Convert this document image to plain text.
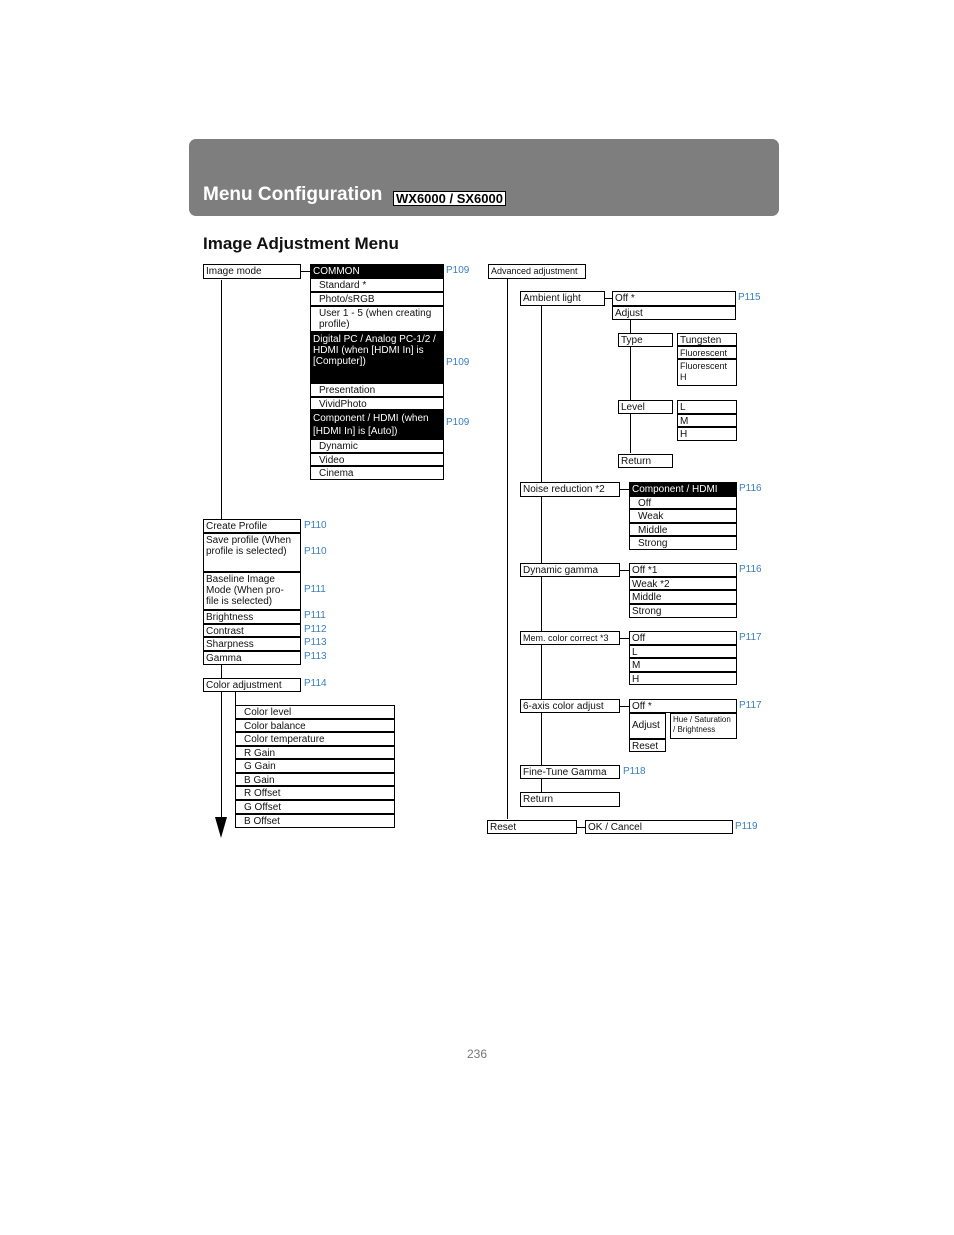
Menu Configuration WX6000 / SX6000
Image Adjustment Menu
Image mode	COMMON
Standard *
Photo/sRGB
User 1 - 5 (when creating profile)
Digital PC / Analog PC-1/2 / HDMI (when [HDMI In] is [Computer])
Presentation
VividPhoto
Component / HDMI (when [HDMI In] is [Auto])
Dynamic
Video
Cinema
P109
P109
P109
Create Profile
Save profile (When profile is selected)
Baseline Image Mode (When pro- file is selected)
Brightness
Contrast
Sharpness
Gamma
P110
P110
P111
P111
P112
P113
P113
Color adjustment	P114
Color level
Color balance
Color temperature
R Gain
G Gain
B Gain
R Offset
G Offset
B Offset
Advanced adjustment
Ambient light	Off *
Adjust
P115
Type	Tungsten
Fluorescent
Fluorescent H
Level	L
M
H
Return
Noise reduction *2	Component / HDMI
Off
Weak
Middle
Strong
P116
Dynamic gamma	Off *1
Weak *2
Middle
Strong
P116
Mem. color correct *3	Off
L
M
H
P117
6-axis color adjust	Off *
Adjust
Hue / Saturation / Brightness
Reset
P117
Fine-Tune Gamma	P118
Return
Reset	OK / Cancel	P119
236
